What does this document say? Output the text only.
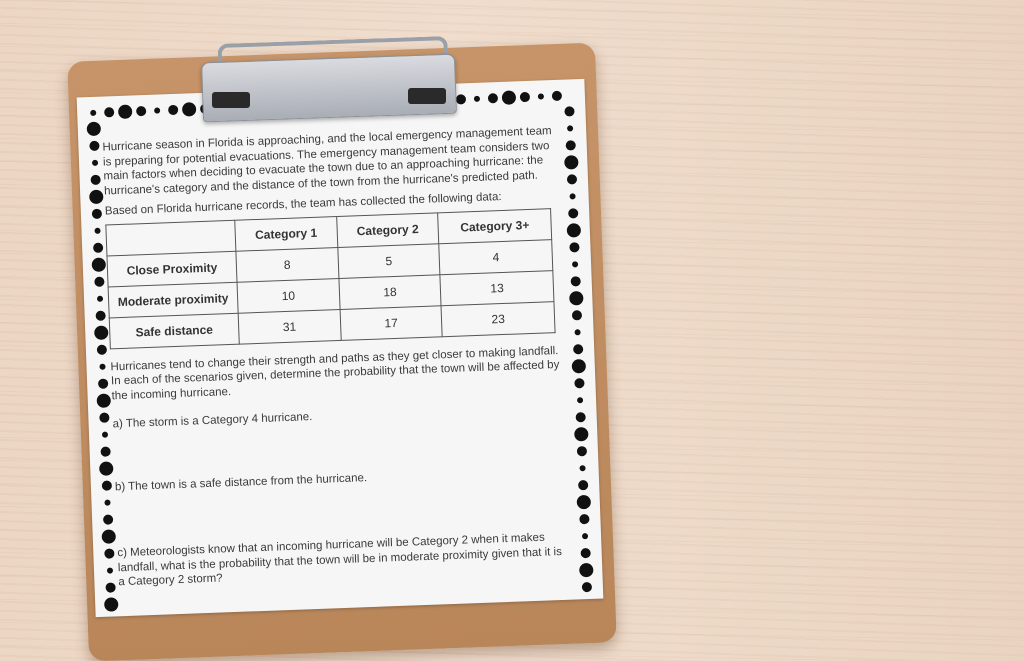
Hurricane season in Florida is approaching, and the local emergency management team is preparing for potential evacuations. The emergency management team considers two main factors when deciding to evacuate the town due to an approaching hurricane: the hurricane's category and the distance of the town from the hurricane's predicted path.

Based on Florida hurricane records, the team has collected the following data:

	Category 1	Category 2	Category 3+
Close Proximity	8	5	4
Moderate proximity	10	18	13
Safe distance	31	17	23

Hurricanes tend to change their strength and paths as they get closer to making landfall. In each of the scenarios given, determine the probability that the town will be affected by the incoming hurricane.

a) The storm is a Category 4 hurricane.

b) The town is a safe distance from the hurricane.

c) Meteorologists know that an incoming hurricane will be Category 2 when it makes landfall, what is the probability that the town will be in moderate proximity given that it is a Category 2 storm?
